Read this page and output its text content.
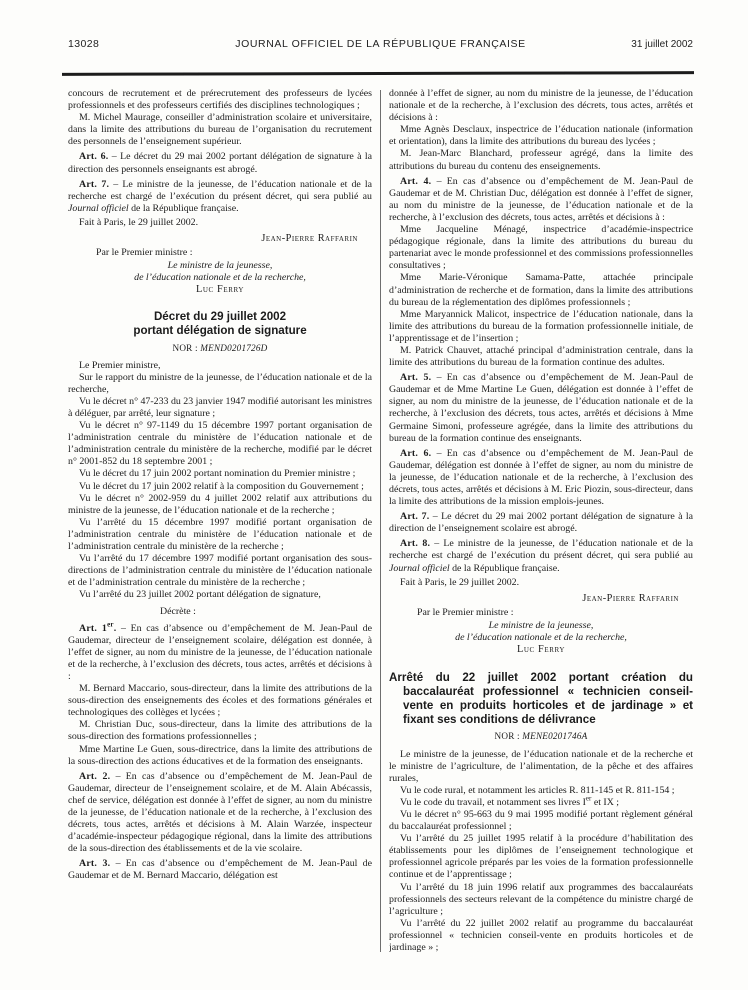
13028	JOURNAL OFFICIEL DE LA RÉPUBLIQUE FRANÇAISE	31 juillet 2002

concours de recrutement et de prérecrutement des professeurs de lycées professionnels et des professeurs certifiés des disciplines technologiques ;

M. Michel Maurage, conseiller d’administration scolaire et universitaire, dans la limite des attributions du bureau de l’organisation du recrutement des personnels de l’enseignement supérieur.

Art. 6. – Le décret du 29 mai 2002 portant délégation de signature à la direction des personnels enseignants est abrogé.

Art. 7. – Le ministre de la jeunesse, de l’éducation nationale et de la recherche est chargé de l’exécution du présent décret, qui sera publié au Journal officiel de la République française.

Fait à Paris, le 29 juillet 2002.

Jean-Pierre Raffarin

Par le Premier ministre :

Le ministre de la jeunesse,
de l’éducation nationale et de la recherche,

Luc Ferry

Décret du 29 juillet 2002
portant délégation de signature

NOR : MEND0201726D

Le Premier ministre,

Sur le rapport du ministre de la jeunesse, de l’éducation nationale et de la recherche,

Vu le décret n° 47-233 du 23 janvier 1947 modifié autorisant les ministres à déléguer, par arrêté, leur signature ;

Vu le décret n° 97-1149 du 15 décembre 1997 portant organisation de l’administration centrale du ministère de l’éducation nationale et de l’administration centrale du ministère de la recherche, modifié par le décret n° 2001-852 du 18 septembre 2001 ;

Vu le décret du 17 juin 2002 portant nomination du Premier ministre ;

Vu le décret du 17 juin 2002 relatif à la composition du Gouvernement ;

Vu le décret n° 2002-959 du 4 juillet 2002 relatif aux attributions du ministre de la jeunesse, de l’éducation nationale et de la recherche ;

Vu l’arrêté du 15 décembre 1997 modifié portant organisation de l’administration centrale du ministère de l’éducation nationale et de l’administration centrale du ministère de la recherche ;

Vu l’arrêté du 17 décembre 1997 modifié portant organisation des sous-directions de l’administration centrale du ministère de l’éducation nationale et de l’administration centrale du ministère de la recherche ;

Vu l’arrêté du 23 juillet 2002 portant délégation de signature,

Décrète :

Art. 1er. – En cas d’absence ou d’empêchement de M. Jean-Paul de Gaudemar, directeur de l’enseignement scolaire, délégation est donnée, à l’effet de signer, au nom du ministre de la jeunesse, de l’éducation nationale et de la recherche, à l’exclusion des décrets, tous actes, arrêtés et décisions à :

M. Bernard Maccario, sous-directeur, dans la limite des attributions de la sous-direction des enseignements des écoles et des formations générales et technologiques des collèges et lycées ;

M. Christian Duc, sous-directeur, dans la limite des attributions de la sous-direction des formations professionnelles ;

Mme Martine Le Guen, sous-directrice, dans la limite des attributions de la sous-direction des actions éducatives et de la formation des enseignants.

Art. 2. – En cas d’absence ou d’empêchement de M. Jean-Paul de Gaudemar, directeur de l’enseignement scolaire, et de M. Alain Abécassis, chef de service, délégation est donnée à l’effet de signer, au nom du ministre de la jeunesse, de l’éducation nationale et de la recherche, à l’exclusion des décrets, tous actes, arrêtés et décisions à M. Alain Warzée, inspecteur d’académie-inspecteur pédagogique régional, dans la limite des attributions de la sous-direction des établissements et de la vie scolaire.

Art. 3. – En cas d’absence ou d’empêchement de M. Jean-Paul de Gaudemar et de M. Bernard Maccario, délégation est

donnée à l’effet de signer, au nom du ministre de la jeunesse, de l’éducation nationale et de la recherche, à l’exclusion des décrets, tous actes, arrêtés et décisions à :

Mme Agnès Desclaux, inspectrice de l’éducation nationale (information et orientation), dans la limite des attributions du bureau des lycées ;

M. Jean-Marc Blanchard, professeur agrégé, dans la limite des attributions du bureau du contenu des enseignements.

Art. 4. – En cas d’absence ou d’empêchement de M. Jean-Paul de Gaudemar et de M. Christian Duc, délégation est donnée à l’effet de signer, au nom du ministre de la jeunesse, de l’éducation nationale et de la recherche, à l’exclusion des décrets, tous actes, arrêtés et décisions à :

Mme Jacqueline Ménagé, inspectrice d’académie-inspectrice pédagogique régionale, dans la limite des attributions du bureau du partenariat avec le monde professionnel et des commissions professionnelles consultatives ;

Mme Marie-Véronique Samama-Patte, attachée principale d’administration de recherche et de formation, dans la limite des attributions du bureau de la réglementation des diplômes professionnels ;

Mme Maryannick Malicot, inspectrice de l’éducation nationale, dans la limite des attributions du bureau de la formation professionnelle initiale, de l’apprentissage et de l’insertion ;

M. Patrick Chauvet, attaché principal d’administration centrale, dans la limite des attributions du bureau de la formation continue des adultes.

Art. 5. – En cas d’absence ou d’empêchement de M. Jean-Paul de Gaudemar et de Mme Martine Le Guen, délégation est donnée à l’effet de signer, au nom du ministre de la jeunesse, de l’éducation nationale et de la recherche, à l’exclusion des décrets, tous actes, arrêtés et décisions à Mme Germaine Simoni, professeure agrégée, dans la limite des attributions du bureau de la formation continue des enseignants.

Art. 6. – En cas d’absence ou d’empêchement de M. Jean-Paul de Gaudemar, délégation est donnée à l’effet de signer, au nom du ministre de la jeunesse, de l’éducation nationale et de la recherche, à l’exclusion des décrets, tous actes, arrêtés et décisions à M. Eric Piozin, sous-directeur, dans la limite des attributions de la mission emplois-jeunes.

Art. 7. – Le décret du 29 mai 2002 portant délégation de signature à la direction de l’enseignement scolaire est abrogé.

Art. 8. – Le ministre de la jeunesse, de l’éducation nationale et de la recherche est chargé de l’exécution du présent décret, qui sera publié au Journal officiel de la République française.

Fait à Paris, le 29 juillet 2002.

Jean-Pierre Raffarin

Par le Premier ministre :

Le ministre de la jeunesse,
de l’éducation nationale et de la recherche,

Luc Ferry

Arrêté du 22 juillet 2002 portant création du baccalauréat professionnel « technicien conseil-vente en produits horticoles et de jardinage » et fixant ses conditions de délivrance

NOR : MENE0201746A

Le ministre de la jeunesse, de l’éducation nationale et de la recherche et le ministre de l’agriculture, de l’alimentation, de la pêche et des affaires rurales,

Vu le code rural, et notamment les articles R. 811-145 et R. 811-154 ;

Vu le code du travail, et notamment ses livres Ier et IX ;

Vu le décret n° 95-663 du 9 mai 1995 modifié portant règlement général du baccalauréat professionnel ;

Vu l’arrêté du 25 juillet 1995 relatif à la procédure d’habilitation des établissements pour les diplômes de l’enseignement technologique et professionnel agricole préparés par les voies de la formation professionnelle continue et de l’apprentissage ;

Vu l’arrêté du 18 juin 1996 relatif aux programmes des baccalauréats professionnels des secteurs relevant de la compétence du ministre chargé de l’agriculture ;

Vu l’arrêté du 22 juillet 2002 relatif au programme du baccalauréat professionnel « technicien conseil-vente en produits horticoles et de jardinage » ;
